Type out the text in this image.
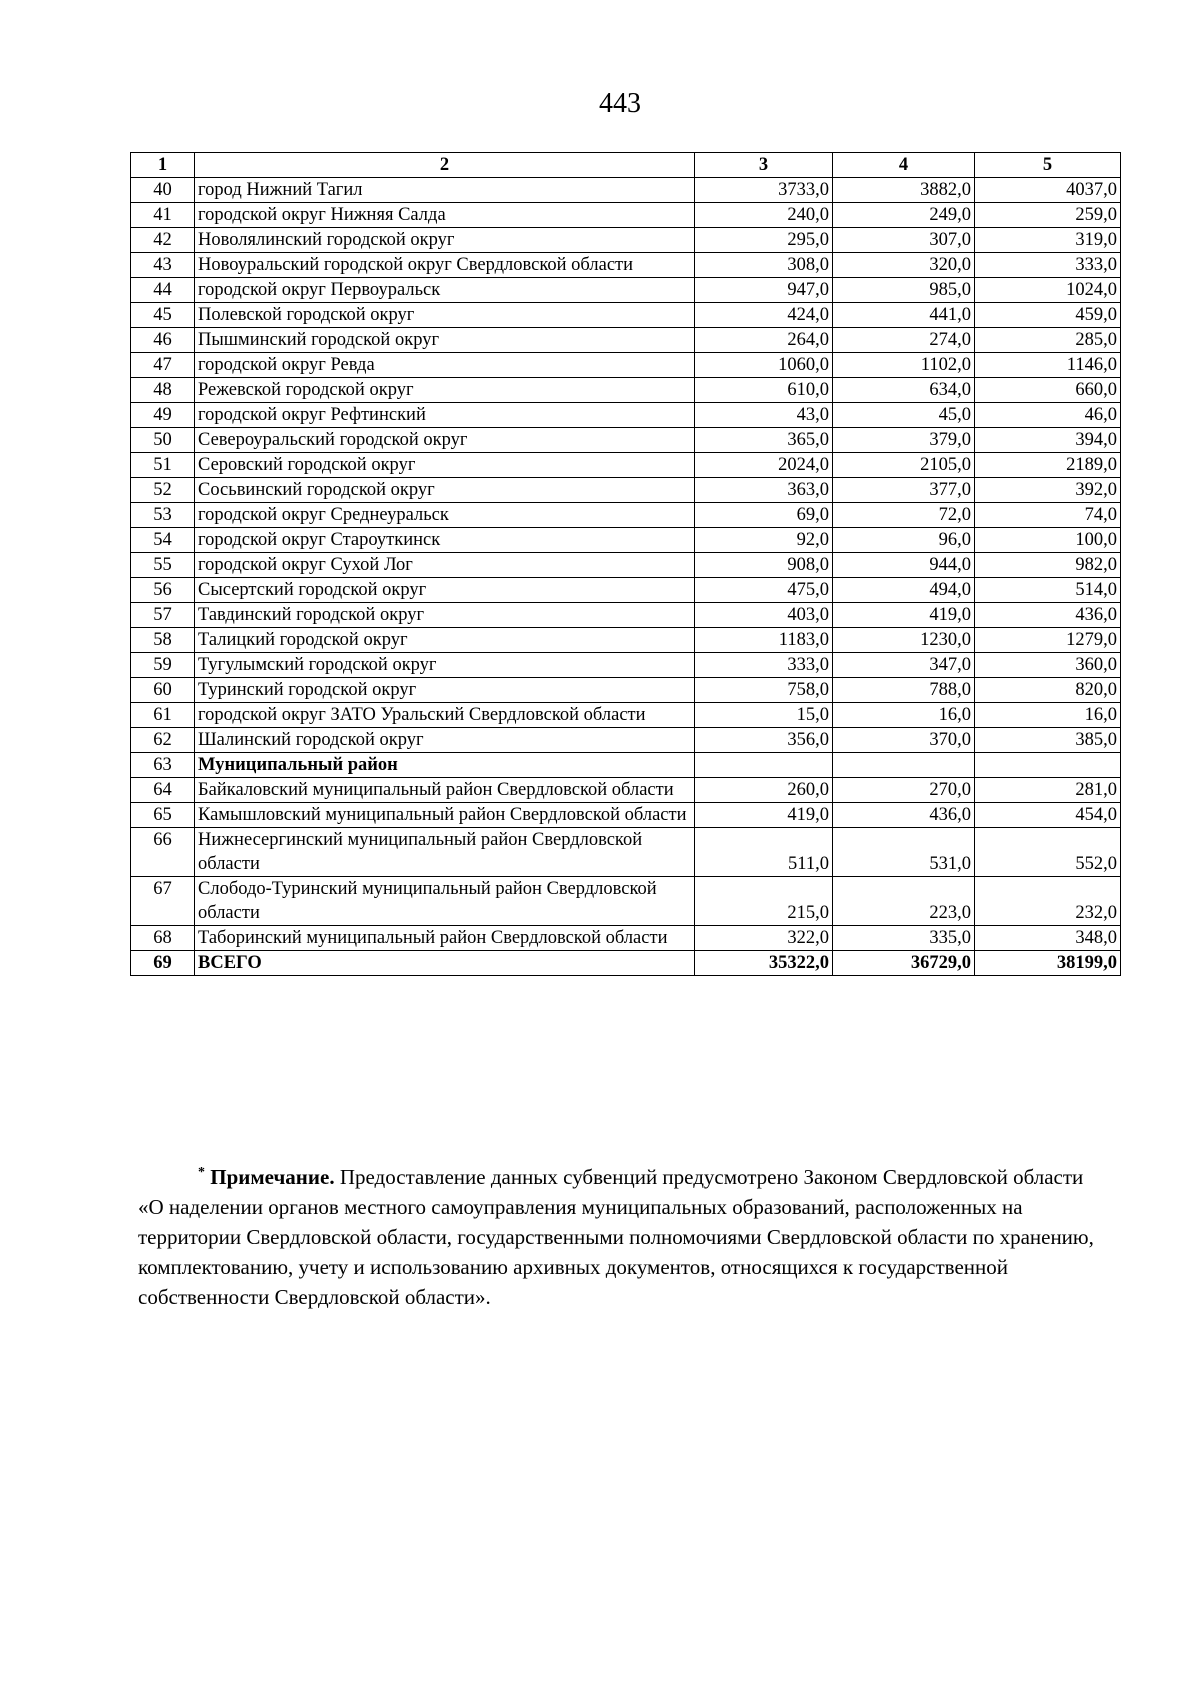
443
1	2	3	4	5
40	город Нижний Тагил	3733,0	3882,0	4037,0
41	городской округ Нижняя Салда	240,0	249,0	259,0
42	Новолялинский городской округ	295,0	307,0	319,0
43	Новоуральский городской округ Свердловской области	308,0	320,0	333,0
44	городской округ Первоуральск	947,0	985,0	1024,0
45	Полевской городской округ	424,0	441,0	459,0
46	Пышминский городской округ	264,0	274,0	285,0
47	городской округ Ревда	1060,0	1102,0	1146,0
48	Режевской городской округ	610,0	634,0	660,0
49	городской округ Рефтинский	43,0	45,0	46,0
50	Североуральский городской округ	365,0	379,0	394,0
51	Серовский городской округ	2024,0	2105,0	2189,0
52	Сосьвинский городской округ	363,0	377,0	392,0
53	городской округ Среднеуральск	69,0	72,0	74,0
54	городской округ Староуткинск	92,0	96,0	100,0
55	городской округ Сухой Лог	908,0	944,0	982,0
56	Сысертский городской округ	475,0	494,0	514,0
57	Тавдинский городской округ	403,0	419,0	436,0
58	Талицкий городской округ	1183,0	1230,0	1279,0
59	Тугулымский городской округ	333,0	347,0	360,0
60	Туринский городской округ	758,0	788,0	820,0
61	городской округ ЗАТО Уральский Свердловской области	15,0	16,0	16,0
62	Шалинский городской округ	356,0	370,0	385,0
63	Муниципальный район			
64	Байкаловский муниципальный район Свердловской области	260,0	270,0	281,0
65	Камышловский муниципальный район Свердловской области	419,0	436,0	454,0
66	Нижнесергинский муниципальный район Свердловской области	511,0	531,0	552,0
67	Слободо-Туринский муниципальный район Свердловской области	215,0	223,0	232,0
68	Таборинский муниципальный район Свердловской области	322,0	335,0	348,0
69	ВСЕГО	35322,0	36729,0	38199,0

* Примечание. Предоставление данных субвенций предусмотрено Законом Свердловской области «О наделении органов местного самоуправления муниципальных образований, расположенных на территории Свердловской области, государственными полномочиями Свердловской области по хранению, комплектованию, учету и использованию архивных документов, относящихся к государственной собственности Свердловской области».
